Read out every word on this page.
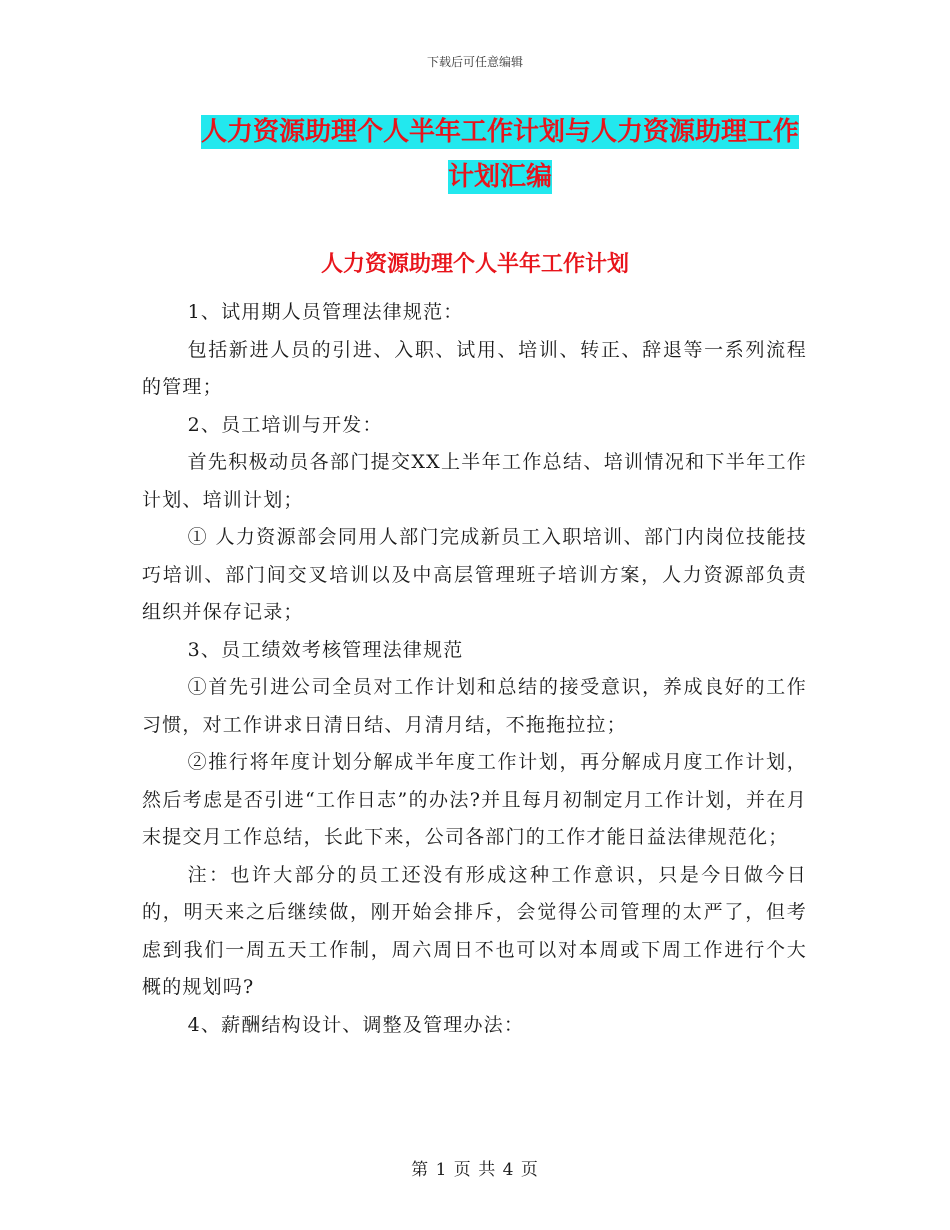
下载后可任意编辑
人力资源助理个人半年工作计划与人力资源助理工作
计划汇编
人力资源助理个人半年工作计划

1、试用期人员管理法律规范：

包括新进人员的引进、入职、试用、培训、转正、辞退等一系列流程的管理；

2、员工培训与开发：

首先积极动员各部门提交XX上半年工作总结、培训情况和下半年工作计划、培训计划；

① 人力资源部会同用人部门完成新员工入职培训、部门内岗位技能技巧培训、部门间交叉培训以及中高层管理班子培训方案，人力资源部负责组织并保存记录；

3、员工绩效考核管理法律规范

①首先引进公司全员对工作计划和总结的接受意识，养成良好的工作习惯，对工作讲求日清日结、月清月结，不拖拖拉拉；

②推行将年度计划分解成半年度工作计划，再分解成月度工作计划，然后考虑是否引进“工作日志”的办法?并且每月初制定月工作计划，并在月末提交月工作总结，长此下来，公司各部门的工作才能日益法律规范化；

注：也许大部分的员工还没有形成这种工作意识，只是今日做今日的，明天来之后继续做，刚开始会排斥，会觉得公司管理的太严了，但考虑到我们一周五天工作制，周六周日不也可以对本周或下周工作进行个大概的规划吗?

4、薪酬结构设计、调整及管理办法：

第 1 页 共 4 页
